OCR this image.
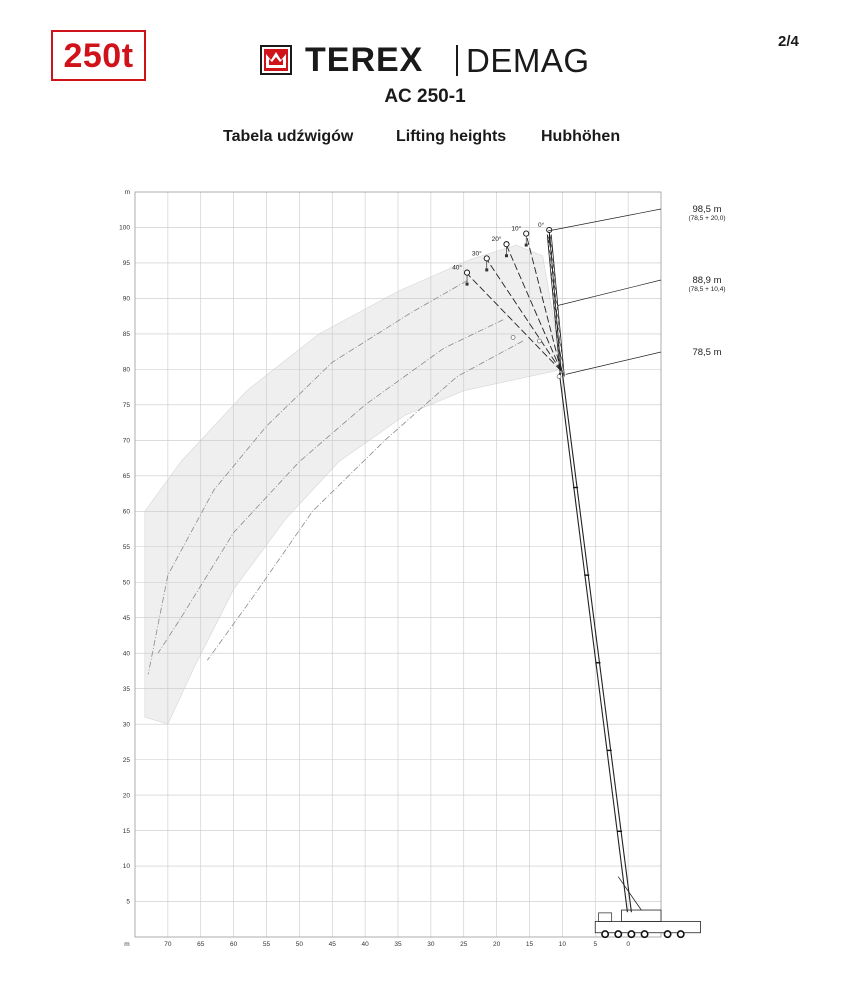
250t	2/4
TEREX DEMAG
AC 250-1
Tabela udźwigów	Lifting heights Hubhöhen
70	65	60	55	50	45	40	35	30	25	20	15	10	5	0
5
10
15
20
25
30
35
40
45
50
55
60
65
70
75
80
85
90
95
100
m
m
0°
10°
20°
30°
40°
98,5 m
(78,5 + 20,0)
88,9 m
(78,5 + 10,4)
78,5 m
